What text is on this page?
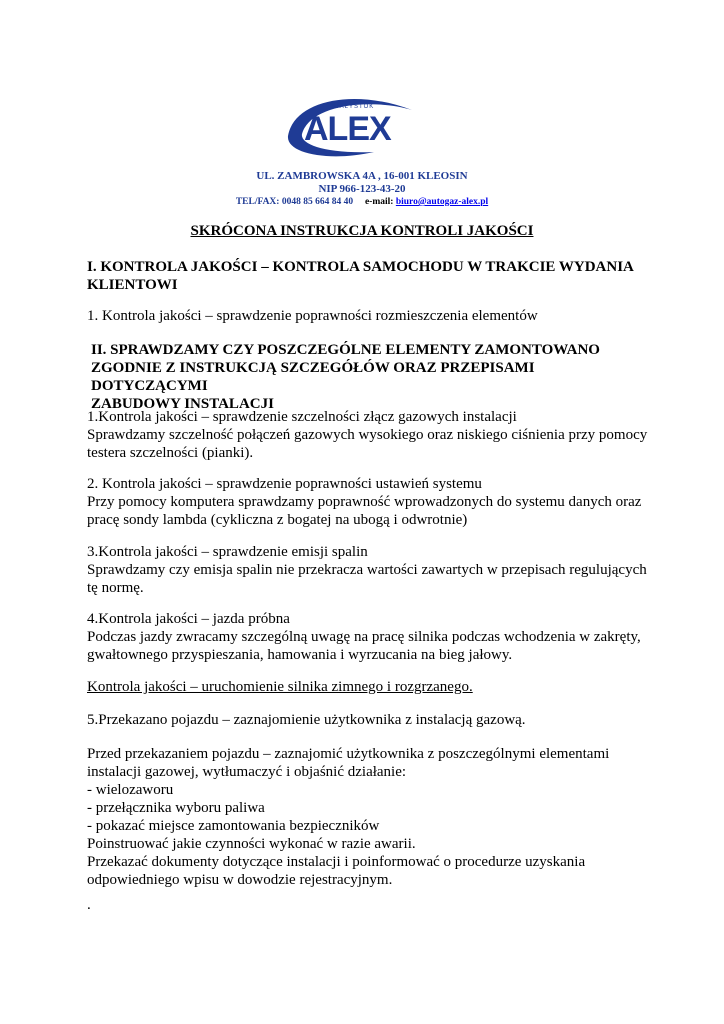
BIAŁYSTOK
ALEX
UL. ZAMBROWSKA 4A , 16-001 KLEOSIN
NIP 966-123-43-20
TEL/FAX: 0048 85 664 84 40 e-mail: biuro@autogaz-alex.pl
SKRÓCONA INSTRUKCJA KONTROLI JAKOŚCI
I. KONTROLA JAKOŚCI – KONTROLA SAMOCHODU W TRAKCIE WYDANIA
KLIENTOWI
1. Kontrola jakości – sprawdzenie poprawności rozmieszczenia elementów
II. SPRAWDZAMY CZY POSZCZEGÓLNE ELEMENTY ZAMONTOWANO
ZGODNIE Z INSTRUKCJĄ SZCZEGÓŁÓW ORAZ PRZEPISAMI DOTYCZĄCYMI
ZABUDOWY INSTALACJI
1.Kontrola jakości – sprawdzenie szczelności złącz gazowych instalacji
Sprawdzamy szczelność połączeń gazowych wysokiego oraz niskiego ciśnienia przy pomocy
testera szczelności (pianki).
2. Kontrola jakości – sprawdzenie poprawności ustawień systemu
Przy pomocy komputera sprawdzamy poprawność wprowadzonych do systemu danych oraz
pracę sondy lambda (cykliczna z bogatej na ubogą i odwrotnie)
3.Kontrola jakości – sprawdzenie emisji spalin
Sprawdzamy czy emisja spalin nie przekracza wartości zawartych w przepisach regulujących
tę normę.
4.Kontrola jakości – jazda próbna
Podczas jazdy zwracamy szczególną uwagę na pracę silnika podczas wchodzenia w zakręty,
gwałtownego przyspieszania, hamowania i wyrzucania na bieg jałowy.
Kontrola jakości – uruchomienie silnika zimnego i rozgrzanego.
5.Przekazano pojazdu – zaznajomienie użytkownika z instalacją gazową.
Przed przekazaniem pojazdu – zaznajomić użytkownika z poszczególnymi elementami
instalacji gazowej, wytłumaczyć i objaśnić działanie:
- wielozaworu
- przełącznika wyboru paliwa
- pokazać miejsce zamontowania bezpieczników
Poinstruować jakie czynności wykonać w razie awarii.
Przekazać dokumenty dotyczące instalacji i poinformować o procedurze uzyskania
odpowiedniego wpisu w dowodzie rejestracyjnym.
.
